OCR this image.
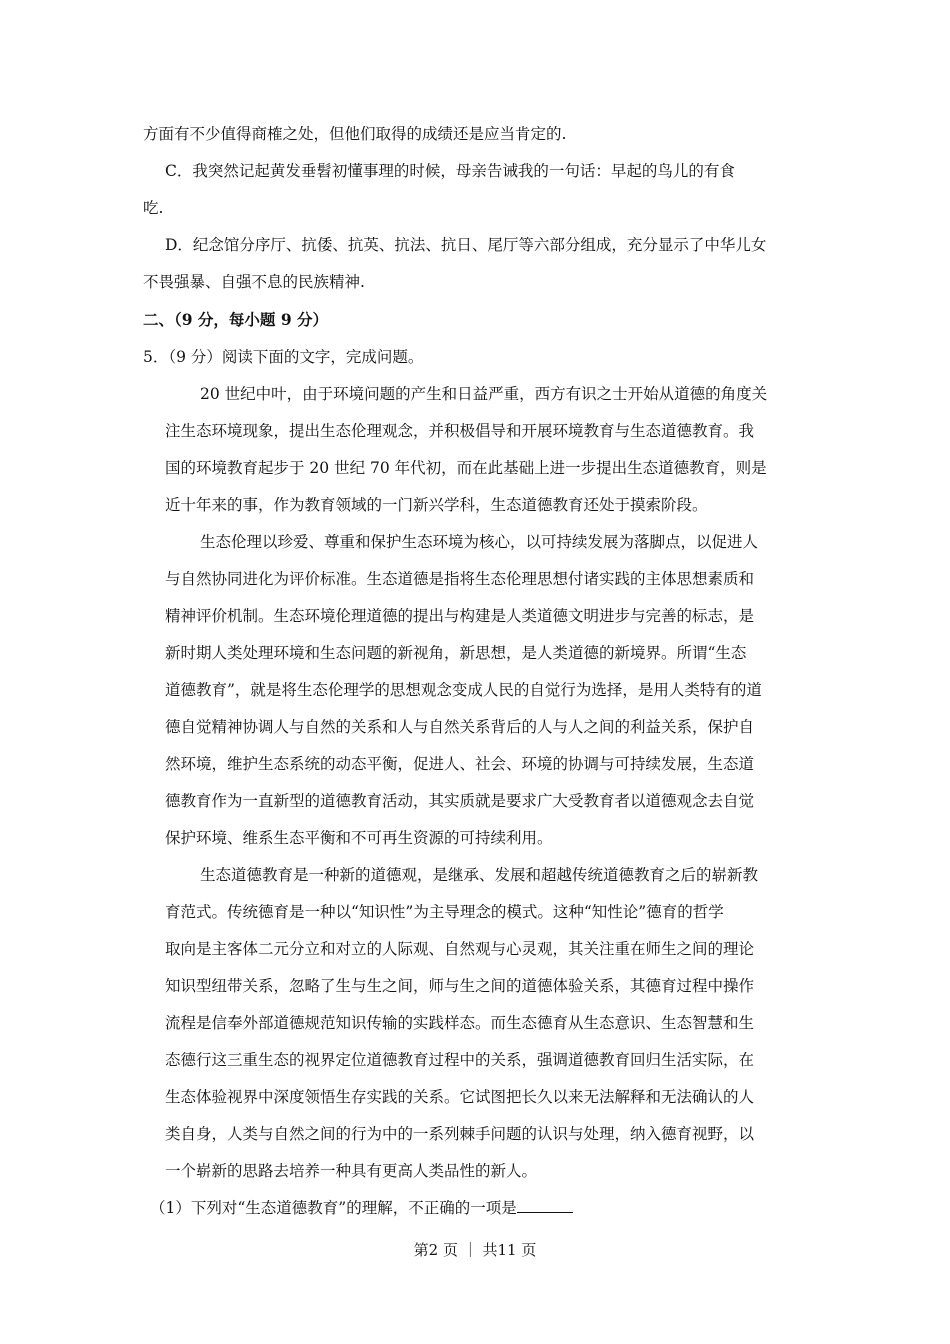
方面有不少值得商榷之处，但他们取得的成绩还是应当肯定的.
C．我突然记起黄发垂髫初懂事理的时候，母亲告诫我的一句话：早起的鸟儿的有食
吃.
D．纪念馆分序厅、抗倭、抗英、抗法、抗日、尾厅等六部分组成，充分显示了中华儿女
不畏强暴、自强不息的民族精神.
二、（9 分，每小题 9 分）
5．（9 分）阅读下面的文字，完成问题。
20 世纪中叶，由于环境问题的产生和日益严重，西方有识之士开始从道德的角度关
注生态环境现象，提出生态伦理观念，并积极倡导和开展环境教育与生态道德教育。我
国的环境教育起步于 20 世纪 70 年代初，而在此基础上进一步提出生态道德教育，则是
近十年来的事，作为教育领域的一门新兴学科，生态道德教育还处于摸索阶段。
生态伦理以珍爱、尊重和保护生态环境为核心，以可持续发展为落脚点，以促进人
与自然协同进化为评价标准。生态道德是指将生态伦理思想付诸实践的主体思想素质和
精神评价机制。生态环境伦理道德的提出与构建是人类道德文明进步与完善的标志，是
新时期人类处理环境和生态问题的新视角，新思想，是人类道德的新境界。所谓“生态
道德教育”，就是将生态伦理学的思想观念变成人民的自觉行为选择，是用人类特有的道
德自觉精神协调人与自然的关系和人与自然关系背后的人与人之间的利益关系，保护自
然环境，维护生态系统的动态平衡，促进人、社会、环境的协调与可持续发展，生态道
德教育作为一直新型的道德教育活动，其实质就是要求广大受教育者以道德观念去自觉
保护环境、维系生态平衡和不可再生资源的可持续利用。
生态道德教育是一种新的道德观，是继承、发展和超越传统道德教育之后的崭新教
育范式。传统德育是一种以“知识性”为主导理念的模式。这种“知性论”德育的哲学
取向是主客体二元分立和对立的人际观、自然观与心灵观，其关注重在师生之间的理论
知识型纽带关系，忽略了生与生之间，师与生之间的道德体验关系，其德育过程中操作
流程是信奉外部道德规范知识传输的实践样态。而生态德育从生态意识、生态智慧和生
态德行这三重生态的视界定位道德教育过程中的关系，强调道德教育回归生活实际，在
生态体验视界中深度领悟生存实践的关系。它试图把长久以来无法解释和无法确认的人
类自身，人类与自然之间的行为中的一系列棘手问题的认识与处理，纳入德育视野，以
一个崭新的思路去培养一种具有更高人类品性的新人。
（1）下列对“生态道德教育”的理解，不正确的一项是
第2 页 ｜ 共11 页
